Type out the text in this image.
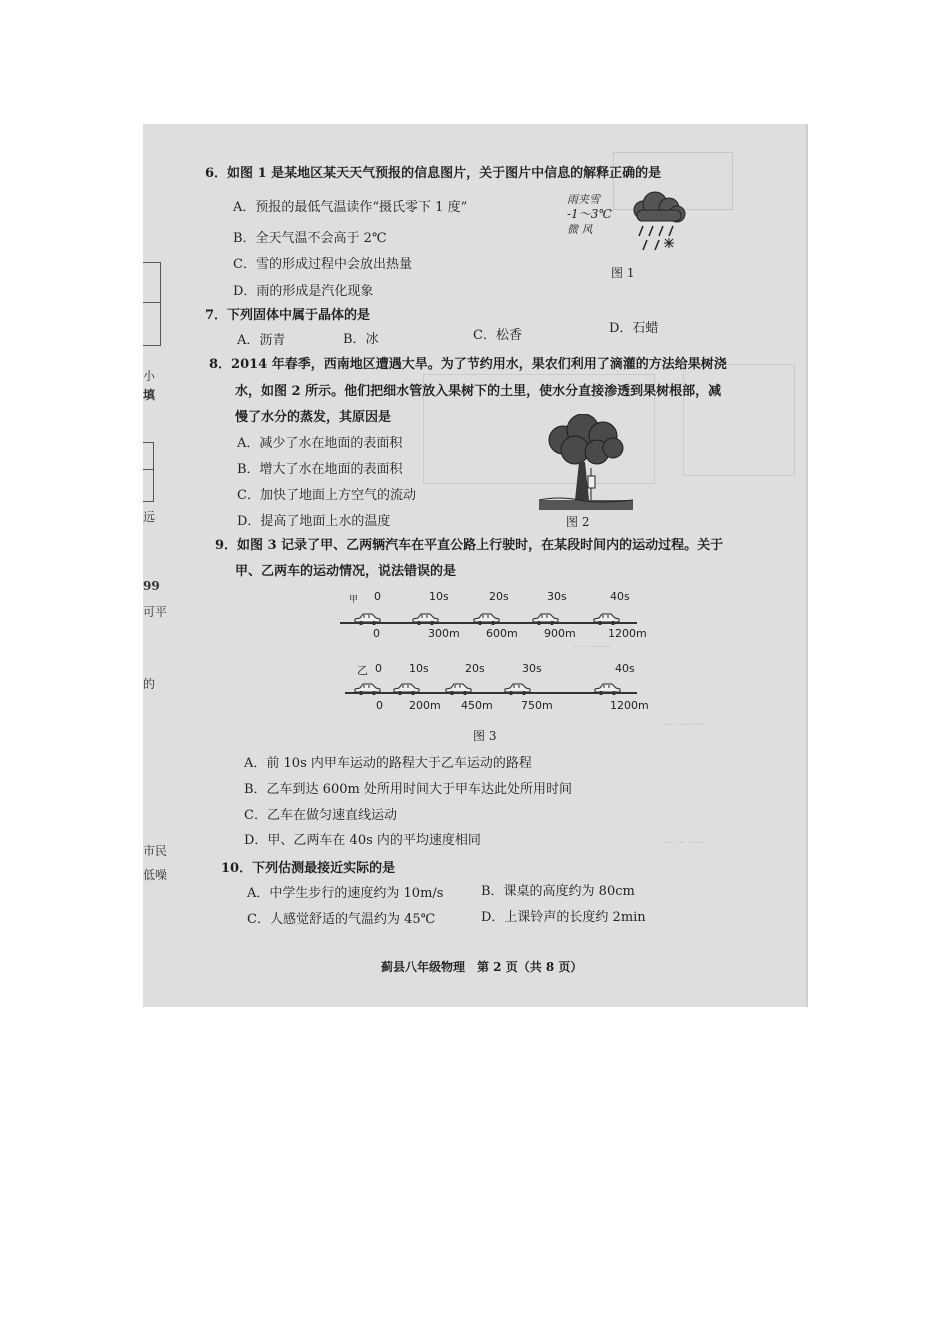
小
填
远
99
可平
的
市民
低噪
6．如图 1 是某地区某天天气预报的信息图片，关于图片中信息的解释正确的是
A．预报的最低气温读作“摄氏零下 1 度”
B．全天气温不会高于 2℃
C．雪的形成过程中会放出热量
D．雨的形成是汽化现象
雨夹雪
-1～3℃
微 风
图 1
7．下列固体中属于晶体的是
A．沥青	B．冰	C．松香	D．石蜡
8．2014 年春季，西南地区遭遇大旱。为了节约用水，果农们利用了滴灌的方法给果树浇
水，如图 2 所示。他们把细水管放入果树下的土里，使水分直接渗透到果树根部，减
慢了水分的蒸发，其原因是
A．减少了水在地面的表面积
B．增大了水在地面的表面积
C．加快了地面上方空气的流动
D．提高了地面上水的温度	图 2
9．如图 3 记录了甲、乙两辆汽车在平直公路上行驶时，在某段时间内的运动过程。关于
甲、乙两车的运动情况，说法错误的是
甲 0
0
10s
300m
20s
600m
30s
900m
40s
1200m
乙 0
0
10s
200m
20s
450m
30s
750m
40s
1200m
图 3
A．前 10s 内甲车运动的路程大于乙车运动的路程
B．乙车到达 600m 处所用时间大于甲车达此处所用时间
C．乙车在做匀速直线运动
D．甲、乙两车在 40s 内的平均速度相同
10．下列估测最接近实际的是
A．中学生步行的速度约为 10m/s	B．课桌的高度约为 80cm
C．人感觉舒适的气温约为 45℃	D．上课铃声的长度约 2min
··· ········
··· ··········
··· ··· ·····
蓟县八年级物理　第 2 页（共 8 页）
